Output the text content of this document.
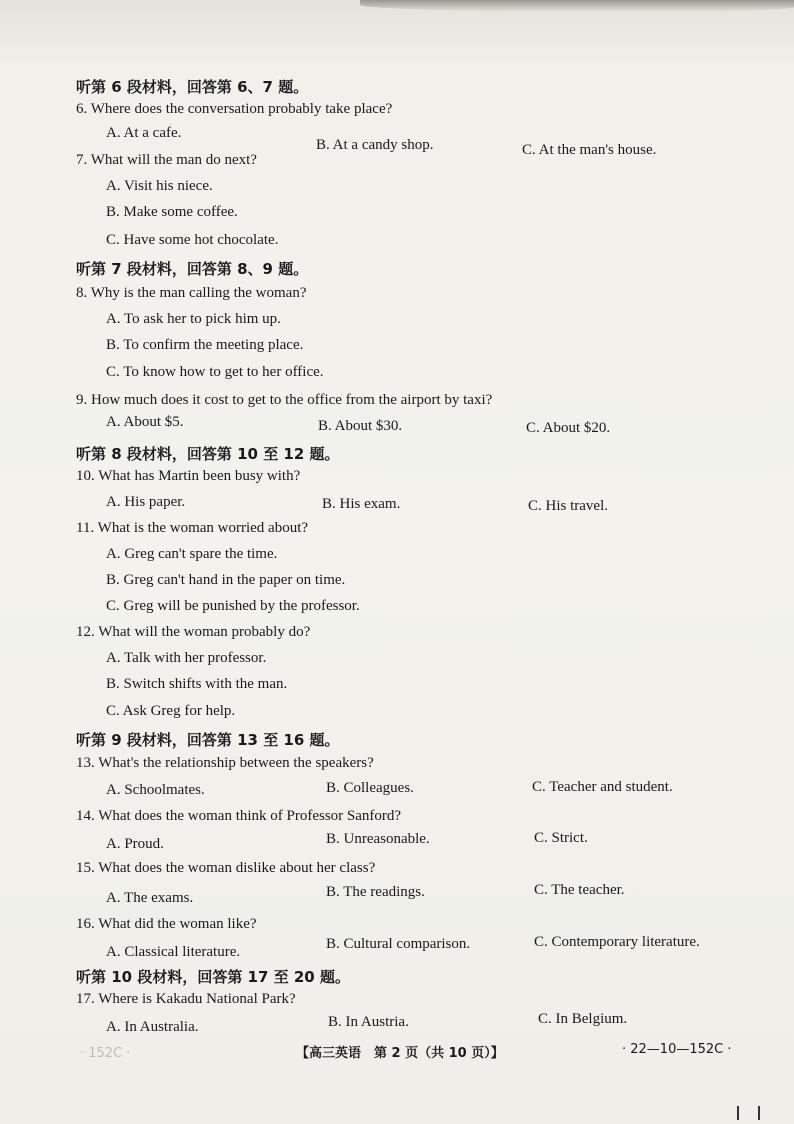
听第 6 段材料，回答第 6、7 题。
6. Where does the conversation probably take place?
A. At a cafe.
B. At a candy shop.	C. At the man's house.
7. What will the man do next?
A. Visit his niece.
B. Make some coffee.
C. Have some hot chocolate.
听第 7 段材料，回答第 8、9 题。
8. Why is the man calling the woman?
A. To ask her to pick him up.
B. To confirm the meeting place.
C. To know how to get to her office.
9. How much does it cost to get to the office from the airport by taxi?
A. About $5.	B. About $30.	C. About $20.
听第 8 段材料，回答第 10 至 12 题。
10. What has Martin been busy with?
A. His paper.	B. His exam.	C. His travel.
11. What is the woman worried about?
A. Greg can't spare the time.
B. Greg can't hand in the paper on time.
C. Greg will be punished by the professor.
12. What will the woman probably do?
A. Talk with her professor.
B. Switch shifts with the man.
C. Ask Greg for help.
听第 9 段材料，回答第 13 至 16 题。
13. What's the relationship between the speakers?
A. Schoolmates.	B. Colleagues.	C. Teacher and student.
14. What does the woman think of Professor Sanford?
A. Proud.	B. Unreasonable.	C. Strict.
15. What does the woman dislike about her class?
A. The exams.	B. The readings.	C. The teacher.
16. What did the woman like?
A. Classical literature.	B. Cultural comparison.	C. Contemporary literature.
听第 10 段材料，回答第 17 至 20 题。
17. Where is Kakadu National Park?
A. In Australia.	B. In Austria.	C. In Belgium.
· 152C ·	【高三英语　第 2 页（共 10 页）】	· 22—10—152C ·
